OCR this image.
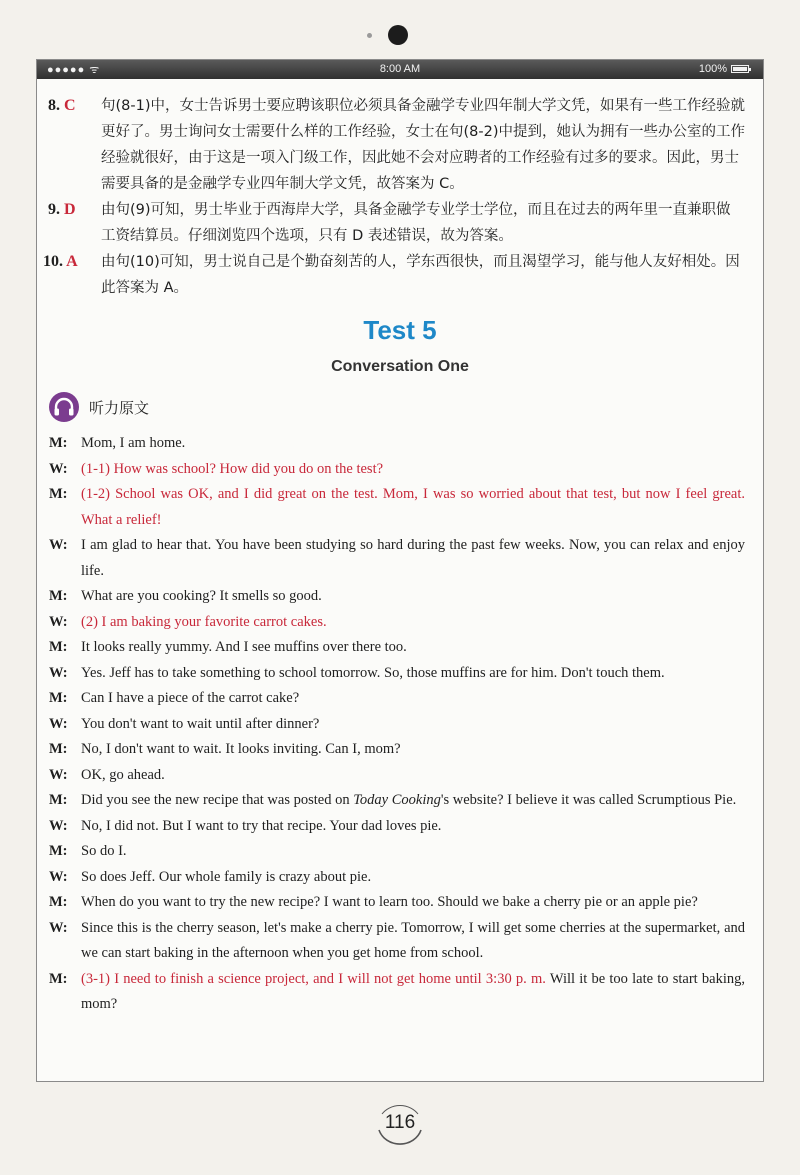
●●●●● ᯤ	8:00 AM	100%
8. C 句(8-1)中，女士告诉男士要应聘该职位必须具备金融学专业四年制大学文凭，如果有一些工作经验就更好了。男士询问女士需要什么样的工作经验，女士在句(8-2)中提到，她认为拥有一些办公室的工作经验就很好，由于这是一项入门级工作，因此她不会对应聘者的工作经验有过多的要求。因此，男士需要具备的是金融学专业四年制大学文凭，故答案为 C。
9. D 由句(9)可知，男士毕业于西海岸大学，具备金融学专业学士学位，而且在过去的两年里一直兼职做工资结算员。仔细浏览四个选项，只有 D 表述错误，故为答案。
10. A 由句(10)可知，男士说自己是个勤奋刻苦的人，学东西很快，而且渴望学习，能与他人友好相处。因此答案为 A。
Test 5
Conversation One
听力原文
M: Mom, I am home.
W: (1-1) How was school? How did you do on the test?
M: (1-2) School was OK, and I did great on the test. Mom, I was so worried about that test, but now I feel great. What a relief!
W: I am glad to hear that. You have been studying so hard during the past few weeks. Now, you can relax and enjoy life.
M: What are you cooking? It smells so good.
W: (2) I am baking your favorite carrot cakes.
M: It looks really yummy. And I see muffins over there too.
W: Yes. Jeff has to take something to school tomorrow. So, those muffins are for him. Don't touch them.
M: Can I have a piece of the carrot cake?
W: You don't want to wait until after dinner?
M: No, I don't want to wait. It looks inviting. Can I, mom?
W: OK, go ahead.
M: Did you see the new recipe that was posted on Today Cooking's website? I believe it was called Scrumptious Pie.
W: No, I did not. But I want to try that recipe. Your dad loves pie.
M: So do I.
W: So does Jeff. Our whole family is crazy about pie.
M: When do you want to try the new recipe? I want to learn too. Should we bake a cherry pie or an apple pie?
W: Since this is the cherry season, let's make a cherry pie. Tomorrow, I will get some cherries at the supermarket, and we can start baking in the afternoon when you get home from school.
M: (3-1) I need to finish a science project, and I will not get home until 3:30 p. m. Will it be too late to start baking, mom?
116
